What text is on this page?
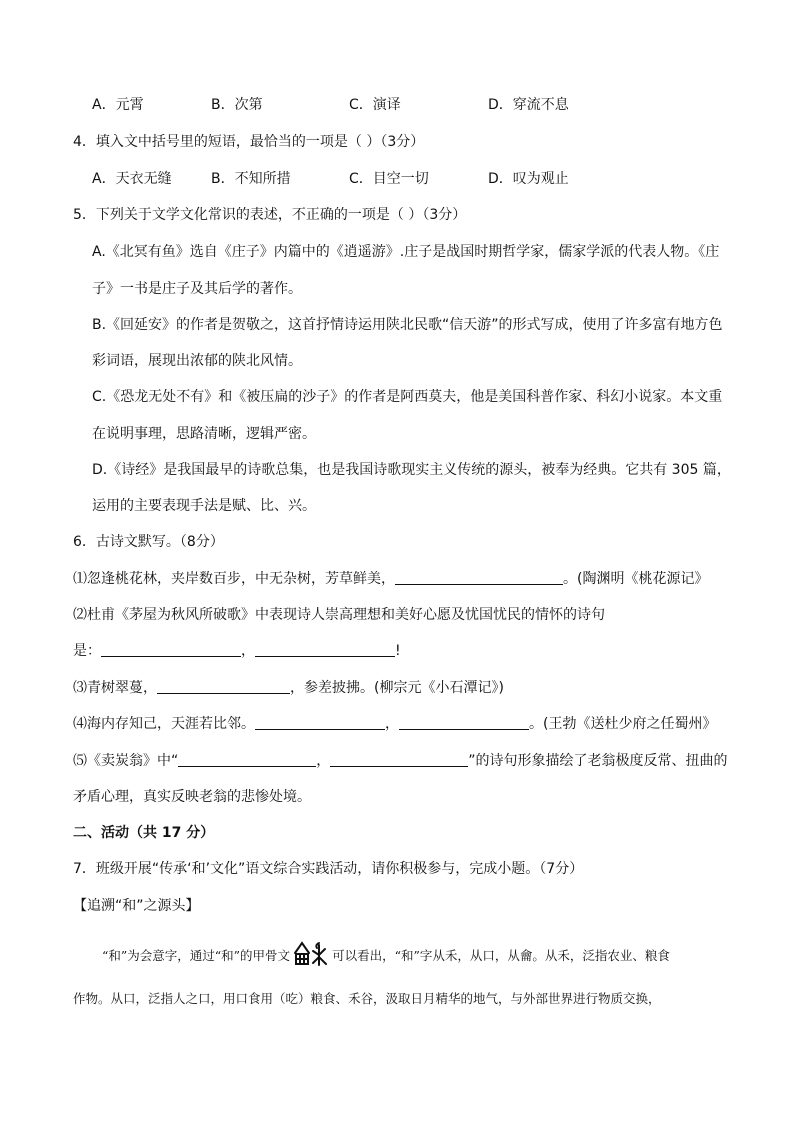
A．元霄	B．次第	C．演译	D．穿流不息
4．填入文中括号里的短语，最恰当的一项是（ ）（3分）
A．天衣无缝	B．不知所措	C．目空一切	D．叹为观止
5．下列关于文学文化常识的表述，不正确的一项是（ ）（3分）
A.《北冥有鱼》选自《庄子》内篇中的《逍遥游》.庄子是战国时期哲学家，儒家学派的代表人物。《庄
子》一书是庄子及其后学的著作。
B.《回延安》的作者是贺敬之，这首抒情诗运用陕北民歌“信天游”的形式写成，使用了许多富有地方色
彩词语，展现出浓郁的陕北风情。
C.《恐龙无处不有》和《被压扁的沙子》的作者是阿西莫夫，他是美国科普作家、科幻小说家。本文重
在说明事理，思路清晰，逻辑严密。
D.《诗经》是我国最早的诗歌总集，也是我国诗歌现实主义传统的源头，被奉为经典。它共有 305 篇，
运用的主要表现手法是赋、比、兴。
6．古诗文默写。（8分）
⑴忽逢桃花林，夹岸数百步，中无杂树，芳草鲜美，	。(陶渊明《桃花源记》
⑵杜甫《茅屋为秋风所破歌》中表现诗人崇高理想和美好心愿及忧国忧民的情怀的诗句
是：	，	!
⑶青树翠蔓，	，参差披拂。(柳宗元《小石潭记》)
⑷海内存知己，天涯若比邻。	，	。(王勃《送杜少府之任蜀州》
⑸《卖炭翁》中“	，	”的诗句形象描绘了老翁极度反常、扭曲的
矛盾心理，真实反映老翁的悲惨处境。
二、活动（共 17 分）
7．班级开展“传承‘和’文化”语文综合实践活动，请你积极参与，完成小题。（7分）
【追溯“和”之源头】
“和”为会意字，通过“和”的甲骨文	可以看出，“和”字从禾，从口，从龠。从禾，泛指农业、粮食
作物。从口，泛指人之口，用口食用（吃）粮食、禾谷，汲取日月精华的地气，与外部世界进行物质交换，
